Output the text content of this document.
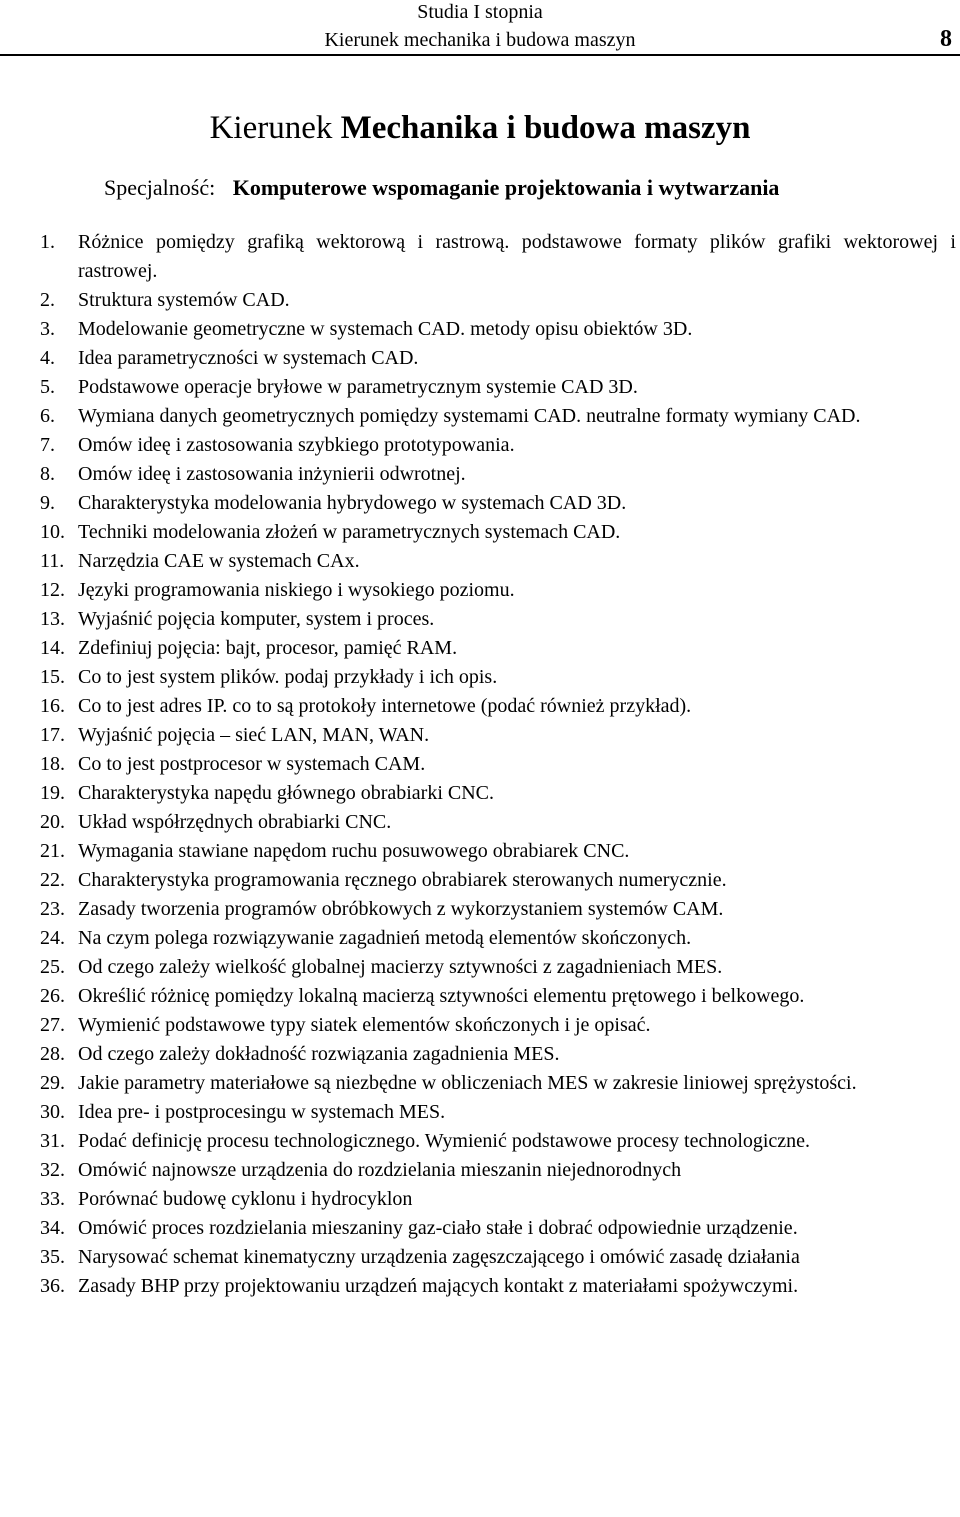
Studia I stopnia
Kierunek mechanika i budowa maszyn	8
Kierunek Mechanika i budowa maszyn
Specjalność: Komputerowe wspomaganie projektowania i wytwarzania
1. Różnice pomiędzy grafiką wektorową i rastrową. podstawowe formaty plików grafiki wektorowej i rastrowej.
2. Struktura systemów CAD.
3. Modelowanie geometryczne w systemach CAD. metody opisu obiektów 3D.
4. Idea parametryczności w systemach CAD.
5. Podstawowe operacje bryłowe w parametrycznym systemie CAD 3D.
6. Wymiana danych geometrycznych pomiędzy systemami CAD. neutralne formaty wymiany CAD.
7. Omów ideę i zastosowania szybkiego prototypowania.
8. Omów ideę i zastosowania inżynierii odwrotnej.
9. Charakterystyka modelowania hybrydowego w systemach CAD 3D.
10. Techniki modelowania złożeń w parametrycznych systemach CAD.
11. Narzędzia CAE w systemach CAx.
12. Języki programowania niskiego i wysokiego poziomu.
13. Wyjaśnić pojęcia komputer, system i proces.
14. Zdefiniuj pojęcia: bajt, procesor, pamięć RAM.
15. Co to jest system plików. podaj przykłady i ich opis.
16. Co to jest adres IP. co to są protokoły internetowe (podać również przykład).
17. Wyjaśnić pojęcia – sieć LAN, MAN, WAN.
18. Co to jest postprocesor w systemach CAM.
19. Charakterystyka napędu głównego obrabiarki CNC.
20. Układ współrzędnych obrabiarki CNC.
21. Wymagania stawiane napędom ruchu posuwowego obrabiarek CNC.
22. Charakterystyka programowania ręcznego obrabiarek sterowanych numerycznie.
23. Zasady tworzenia programów obróbkowych z wykorzystaniem systemów CAM.
24. Na czym polega rozwiązywanie zagadnień metodą elementów skończonych.
25. Od czego zależy wielkość globalnej macierzy sztywności z zagadnieniach MES.
26. Określić różnicę pomiędzy lokalną macierzą sztywności elementu prętowego i belkowego.
27. Wymienić podstawowe typy siatek elementów skończonych i je opisać.
28. Od czego zależy dokładność rozwiązania zagadnienia MES.
29. Jakie parametry materiałowe są niezbędne w obliczeniach MES w zakresie liniowej sprężystości.
30. Idea pre- i postprocesingu w systemach MES.
31. Podać definicję procesu technologicznego. Wymienić podstawowe procesy technologiczne.
32. Omówić najnowsze urządzenia do rozdzielania mieszanin niejednorodnych
33. Porównać budowę cyklonu i hydrocyklon
34. Omówić proces rozdzielania mieszaniny gaz-ciało stałe i dobrać odpowiednie urządzenie.
35. Narysować schemat kinematyczny urządzenia zagęszczającego i omówić zasadę działania
36. Zasady BHP przy projektowaniu urządzeń mających kontakt z materiałami spożywczymi.
